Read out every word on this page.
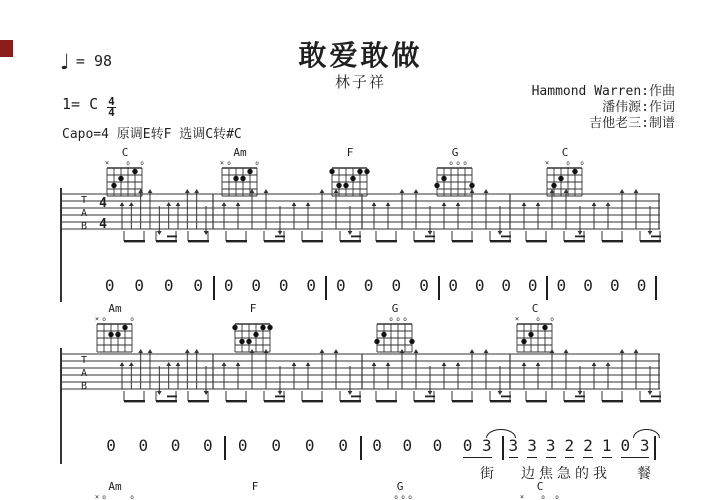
♩ = 98	敢爱敢做
林子祥
1= C $\frac{4}{4}$
Capo=4 原调E转F 选调C转#C
Hammond Warren:作曲
潘伟源:作词
吉他老三:制谱
C
×	o o
Am
× o	o
F	G
o o o
C
×	o o
T
A
B
4
4
0 0 0 0 0 0 0 0 0 0 0 0 0 0 0 0 0 0 0 0
Am
× o	o
F	G
o o o
C
×	o o
T
A
B
0 0 0 0 0 0 0 0 0 0 0 0 3 3 3 3 2 2 1 0 3
街 边焦急的我 餐
Am
× o	o
F	G
o o o
C
×	o o
